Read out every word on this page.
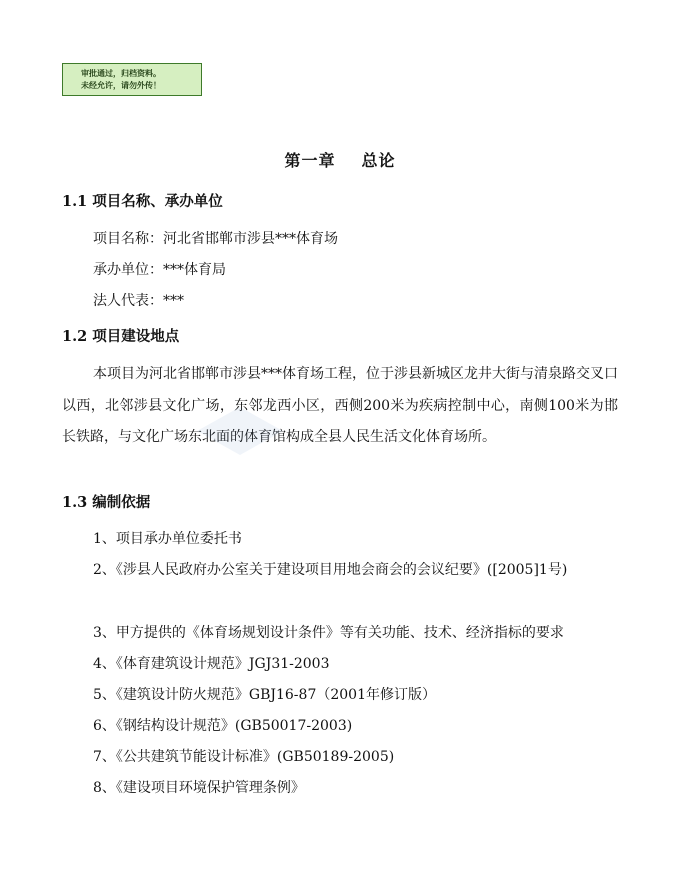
审批通过，归档资料。
未经允许，请勿外传！
第一章 总论
1.1 项目名称、承办单位
项目名称：河北省邯郸市涉县***体育场
承办单位：***体育局
法人代表：***
1.2 项目建设地点
本项目为河北省邯郸市涉县***体育场工程，位于涉县新城区龙井大街与清泉路交叉口以西，北邻涉县文化广场，东邻龙西小区，西侧200米为疾病控制中心，南侧100米为邯长铁路，与文化广场东北面的体育馆构成全县人民生活文化体育场所。
1.3 编制依据
1、项目承办单位委托书
2、《涉县人民政府办公室关于建设项目用地会商会的会议纪要》([2005]1号)
3、甲方提供的《体育场规划设计条件》等有关功能、技术、经济指标的要求
4、《体育建筑设计规范》JGJ31-2003
5、《建筑设计防火规范》GBJ16-87（2001年修订版）
6、《钢结构设计规范》(GB50017-2003)
7、《公共建筑节能设计标准》(GB50189-2005)
8、《建设项目环境保护管理条例》
